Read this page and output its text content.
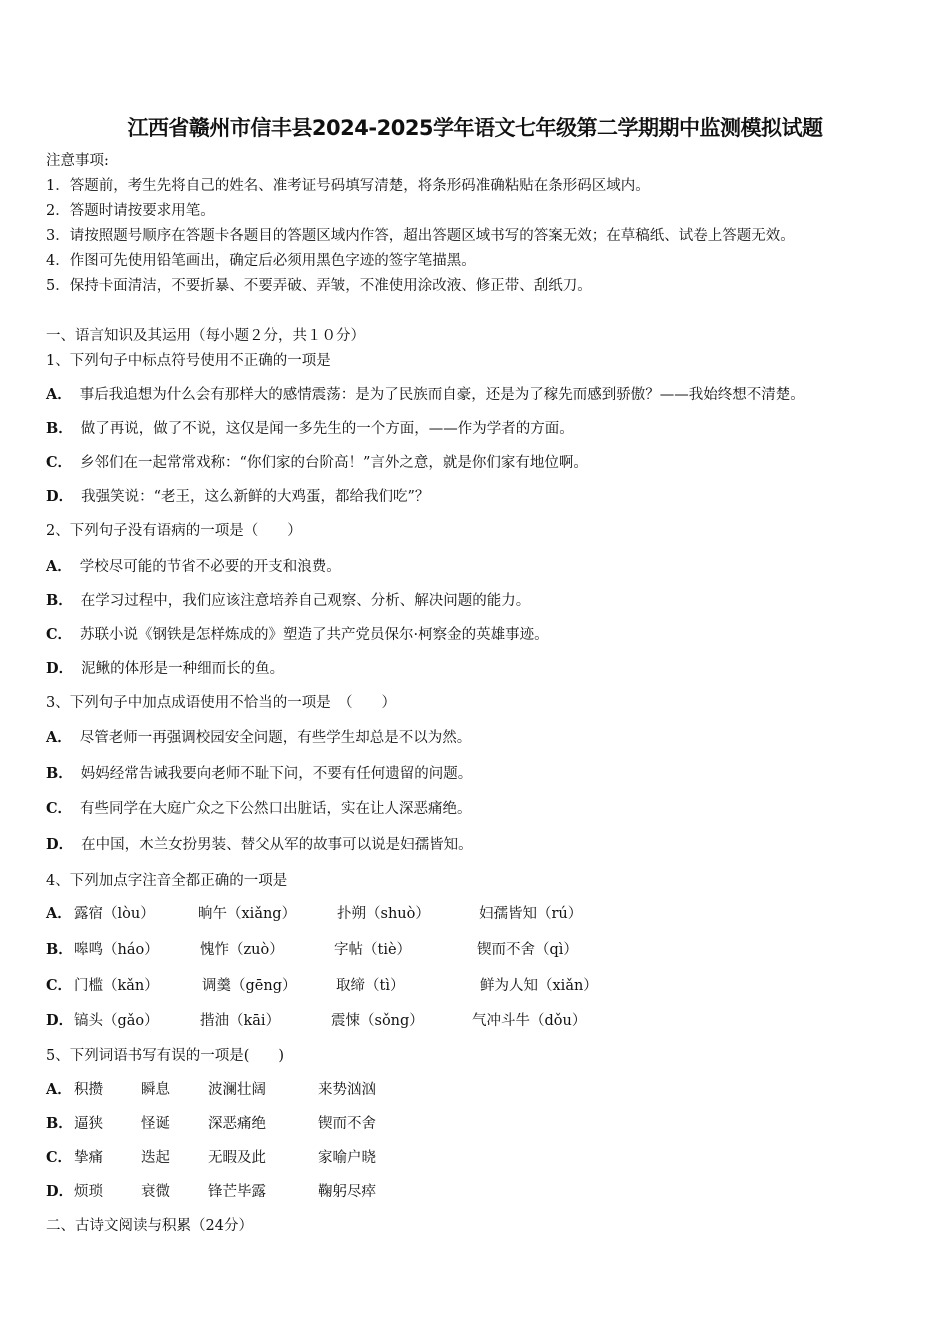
江西省赣州市信丰县2024-2025学年语文七年级第二学期期中监测模拟试题
注意事项:
1．答题前，考生先将自己的姓名、准考证号码填写清楚，将条形码准确粘贴在条形码区域内。
2．答题时请按要求用笔。
3．请按照题号顺序在答题卡各题目的答题区域内作答，超出答题区域书写的答案无效；在草稿纸、试卷上答题无效。
4．作图可先使用铅笔画出，确定后必须用黑色字迹的签字笔描黑。
5．保持卡面清洁，不要折暴、不要弄破、弄皱，不准使用涂改液、修正带、刮纸刀。
一、语言知识及其运用（每小题２分，共１０分）
1、下列句子中标点符号使用不正确的一项是
A． 事后我追想为什么会有那样大的感情震荡：是为了民族而自豪，还是为了稼先而感到骄傲？——我始终想不清楚。
B． 做了再说，做了不说，这仅是闻一多先生的一个方面，——作为学者的方面。
C． 乡邻们在一起常常戏称：“你们家的台阶高！”言外之意，就是你们家有地位啊。
D． 我强笑说：“老王，这么新鲜的大鸡蛋，都给我们吃”？
2、下列句子没有语病的一项是（　　）
A． 学校尽可能的节省不必要的开支和浪费。
B． 在学习过程中，我们应该注意培养自己观察、分析、解决问题的能力。
C． 苏联小说《钢铁是怎样炼成的》塑造了共产党员保尔·柯察金的英雄事迹。
D． 泥鳅的体形是一种细而长的鱼。
3、下列句子中加点成语使用不恰当的一项是　（　　）
A． 尽管老师一再强调校园安全问题，有些学生却总是不以为然。
B． 妈妈经常告诫我要向老师不耻下问，不要有任何遗留的问题。
C． 有些同学在大庭广众之下公然口出脏话，实在让人深恶痛绝。
D． 在中国，木兰女扮男装、替父从军的故事可以说是妇孺皆知。
4、下列加点字注音全都正确的一项是
A． 露宿（lòu）	晌午（xiǎng）	扑朔（shuò）	妇孺皆知（rú）
B． 嗥鸣（háo）	愧怍（zuò）	字帖（tiè）	锲而不舍（qì）
C． 门槛（kǎn）	调羹（gēng）	取缔（tì）	鲜为人知（xiǎn）
D． 镐头（gǎo）	揩油（kāi）	震悚（sǒng）	气冲斗牛（dǒu）
5、下列词语书写有误的一项是(　　)
A． 积攒	瞬息	波澜壮阔	来势汹汹
B． 逼狭	怪诞	深恶痛绝	锲而不舍
C． 挚痛	迭起	无暇及此	家喻户晓
D． 烦琐	衰微	锋芒毕露	鞠躬尽瘁
二、古诗文阅读与积累（24分）
